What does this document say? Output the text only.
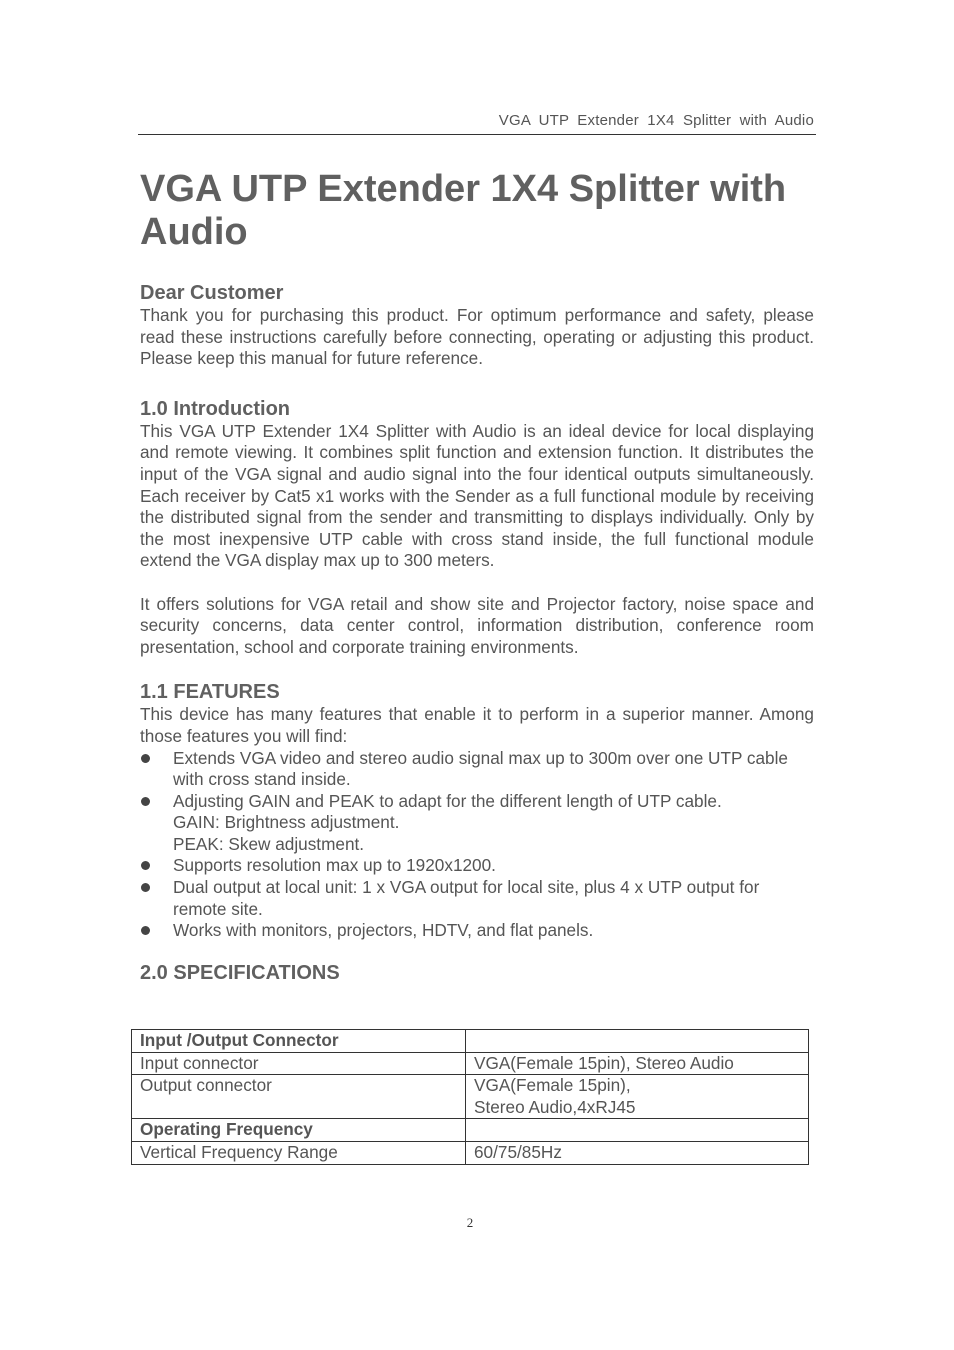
VGA UTP Extender 1X4 Splitter with Audio
VGA UTP Extender 1X4 Splitter with
Audio
Dear Customer

Thank you for purchasing this product. For optimum performance and safety, please read these instructions carefully before connecting, operating or adjusting this product. Please keep this manual for future reference.

1.0 Introduction

This VGA UTP Extender 1X4 Splitter with Audio is an ideal device for local displaying and remote viewing. It combines split function and extension function. It distributes the input of the VGA signal and audio signal into the four identical outputs simultaneously. Each receiver by Cat5 x1 works with the Sender as a full functional module by receiving the distributed signal from the sender and transmitting to displays individually. Only by the most inexpensive UTP cable with cross stand inside, the full functional module extend the VGA display max up to 300 meters.

It offers solutions for VGA retail and show site and Projector factory, noise space and security concerns, data center control, information distribution, conference room presentation, school and corporate training environments.

1.1 FEATURES

This device has many features that enable it to perform in a superior manner. Among those features you will find:

Extends VGA video and stereo audio signal max up to 300m over one UTP cable with cross stand inside.
Adjusting GAIN and PEAK to adapt for the different length of UTP cable.
GAIN: Brightness adjustment.
PEAK: Skew adjustment.
Supports resolution max up to 1920x1200.
Dual output at local unit: 1 x VGA output for local site, plus 4 x UTP output for remote site.
Works with monitors, projectors, HDTV, and flat panels.
2.0 SPECIFICATIONS
Input /Output Connector	
Input connector	VGA(Female 15pin), Stereo Audio
Output connector	VGA(Female 15pin),
Stereo Audio,4xRJ45
Operating Frequency	
Vertical Frequency Range	60/75/85Hz
2
